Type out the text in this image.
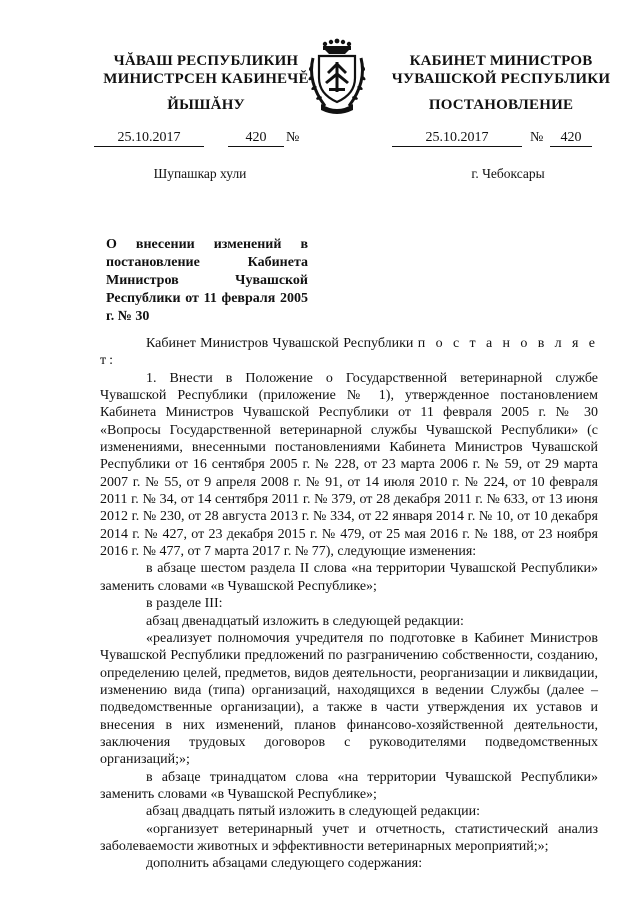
ЧĂВАШ РЕСПУБЛИКИН
МИНИСТРСЕН КАБИНЕЧĔ
ЙЫШĂНУ
КАБИНЕТ МИНИСТРОВ
ЧУВАШСКОЙ РЕСПУБЛИКИ
ПОСТАНОВЛЕНИЕ
25.10.2017	420	№	25.10.2017	№	420
Шупашкар хули	г. Чебоксары
О внесении изменений в постановление Кабинета Министров Чувашской Республики от 11 февраля 2005 г. № 30

Кабинет Министров Чувашской Республики п о с т а н о в л я е т:

1. Внести в Положение о Государственной ветеринарной службе Чувашской Республики (приложение № 1), утвержденное постановлением Кабинета Министров Чувашской Республики от 11 февраля 2005 г. № 30 «Вопросы Государственной ветеринарной службы Чувашской Республики» (с изменениями, внесенными постановлениями Кабинета Министров Чувашской Республики от 16 сентября 2005 г. № 228, от 23 марта 2006 г. № 59, от 29 марта 2007 г. № 55, от 9 апреля 2008 г. № 91, от 14 июля 2010 г. № 224, от 10 февраля 2011 г. № 34, от 14 сентября 2011 г. № 379, от 28 декабря 2011 г. № 633, от 13 июня 2012 г. № 230, от 28 августа 2013 г. № 334, от 22 января 2014 г. № 10, от 10 декабря 2014 г. № 427, от 23 декабря 2015 г. № 479, от 25 мая 2016 г. № 188, от 23 ноября 2016 г. № 477, от 7 марта 2017 г. № 77), следующие изменения:

в абзаце шестом раздела II слова «на территории Чувашской Республики» заменить словами «в Чувашской Республике»;

в разделе III:

абзац двенадцатый изложить в следующей редакции:

«реализует полномочия учредителя по подготовке в Кабинет Министров Чувашской Республики предложений по разграничению собственности, созданию, определению целей, предметов, видов деятельности, реорганизации и ликвидации, изменению вида (типа) организаций, находящихся в ведении Службы (далее – подведомственные организации), а также в части утверждения их уставов и внесения в них изменений, планов финансово-хозяйственной деятельности, заключения трудовых договоров с руководителями подведомственных организаций;»;

в абзаце тринадцатом слова «на территории Чувашской Республики» заменить словами «в Чувашской Республике»;

абзац двадцать пятый изложить в следующей редакции:

«организует ветеринарный учет и отчетность, статистический анализ заболеваемости животных и эффективности ветеринарных мероприятий;»;

дополнить абзацами следующего содержания:
